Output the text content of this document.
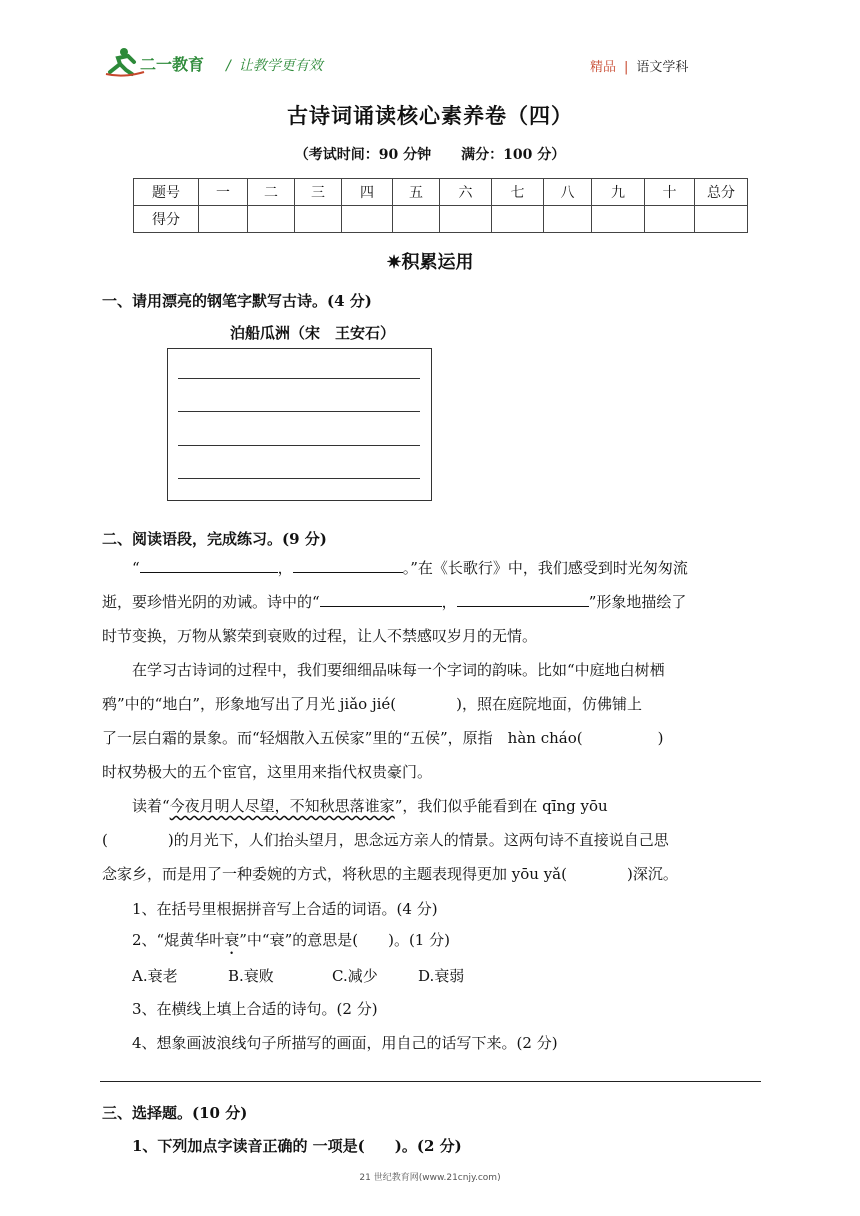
二一教育 / 让教学更有效	精品 | 语文学科
古诗词诵读核心素养卷（四）
（考试时间：90 分钟 满分：100 分）
题号	一	二	三	四	五	六	七	八	九	十	总分
得分											
✷积累运用
一、请用漂亮的钢笔字默写古诗。(4 分)
泊船瓜洲（宋　王安石）
二、阅读语段，完成练习。(9 分)
“	，	。”在《长歌行》中，我们感受到时光匆匆流
逝，要珍惜光阴的劝诫。诗中的“	，	”形象地描绘了
时节变换，万物从繁荣到衰败的过程，让人不禁感叹岁月的无情。
在学习古诗词的过程中，我们要细细品味每一个字词的韵味。比如“中庭地白树栖
鸦”中的“地白”，形象地写出了月光 jiǎo jié(　　　　)，照在庭院地面，仿佛铺上
了一层白霜的景象。而“轻烟散入五侯家”里的“五侯”，原指　hàn cháo(　　　　　)
时权势极大的五个宦官，这里用来指代权贵豪门。
读着“今夜月明人尽望，不知秋思落谁家”，我们似乎能看到在 qīng yōu
(　　　　)的月光下，人们抬头望月，思念远方亲人的情景。这两句诗不直接说自己思
念家乡，而是用了一种委婉的方式，将秋思的主题表现得更加 yōu yǎ(　　　　)深沉。
1、在括号里根据拼音写上合适的词语。(4 分)
2、“焜黄华叶衰”中“衰”的意思是(　　)。(1 分)
A.衰老	B.衰败	C.减少	D.衰弱
3、在横线上填上合适的诗句。(2 分)
4、想象画波浪线句子所描写的画面，用自己的话写下来。(2 分)
三、选择题。(10 分)
1、下列加点字读音正确的 一项是(　　)。(2 分)
21 世纪教育网(www.21cnjy.com)
